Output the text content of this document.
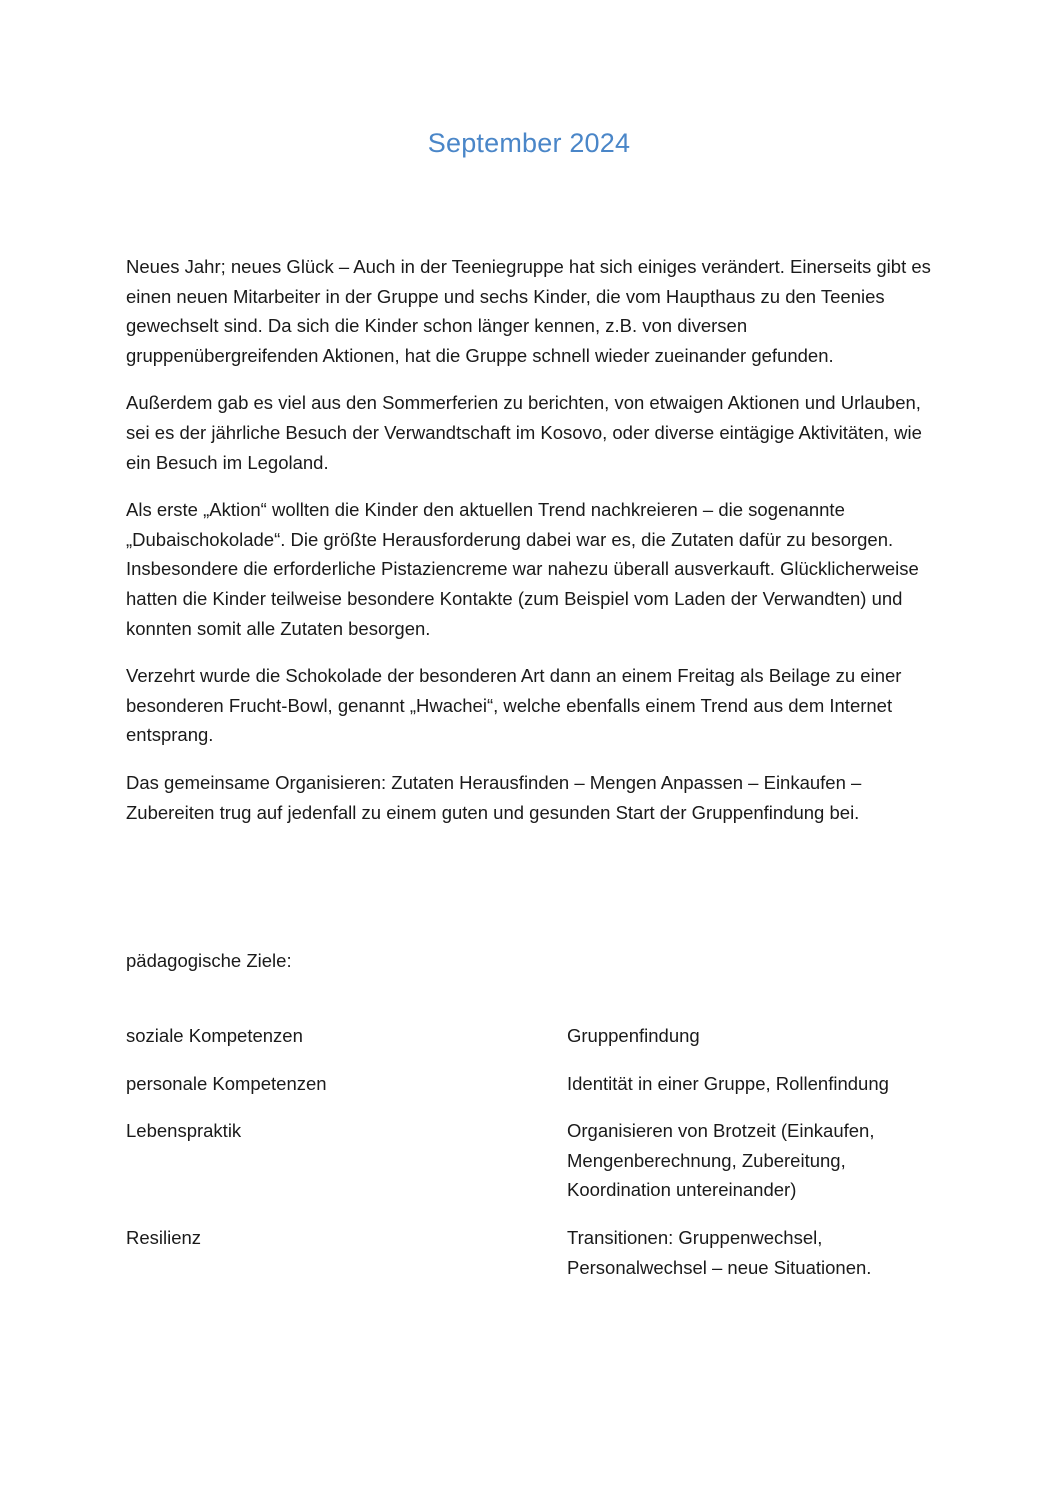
September 2024

Neues Jahr; neues Glück – Auch in der Teeniegruppe hat sich einiges verändert. Einerseits gibt es einen neuen Mitarbeiter in der Gruppe und sechs Kinder, die vom Haupthaus zu den Teenies gewechselt sind. Da sich die Kinder schon länger kennen, z.B. von diversen gruppenübergreifenden Aktionen, hat die Gruppe schnell wieder zueinander gefunden.

Außerdem gab es viel aus den Sommerferien zu berichten, von etwaigen Aktionen und Urlauben, sei es der jährliche Besuch der Verwandtschaft im Kosovo, oder diverse eintägige Aktivitäten, wie ein Besuch im Legoland.

Als erste „Aktion“ wollten die Kinder den aktuellen Trend nachkreieren – die sogenannte „Dubaischokolade“. Die größte Herausforderung dabei war es, die Zutaten dafür zu besorgen. Insbesondere die erforderliche Pistaziencreme war nahezu überall ausverkauft. Glücklicherweise hatten die Kinder teilweise besondere Kontakte (zum Beispiel vom Laden der Verwandten) und konnten somit alle Zutaten besorgen.

Verzehrt wurde die Schokolade der besonderen Art dann an einem Freitag als Beilage zu einer besonderen Frucht-Bowl, genannt „Hwachei“, welche ebenfalls einem Trend aus dem Internet entsprang.

Das gemeinsame Organisieren: Zutaten Herausfinden – Mengen Anpassen – Einkaufen – Zubereiten trug auf jedenfall zu einem guten und gesunden Start der Gruppenfindung bei.

pädagogische Ziele:
soziale Kompetenzen	Gruppenfindung
personale Kompetenzen	Identität in einer Gruppe, Rollenfindung
Lebenspraktik	Organisieren von Brotzeit (Einkaufen, Mengenberechnung, Zubereitung, Koordination untereinander)
Resilienz	Transitionen: Gruppenwechsel, Personalwechsel – neue Situationen.
